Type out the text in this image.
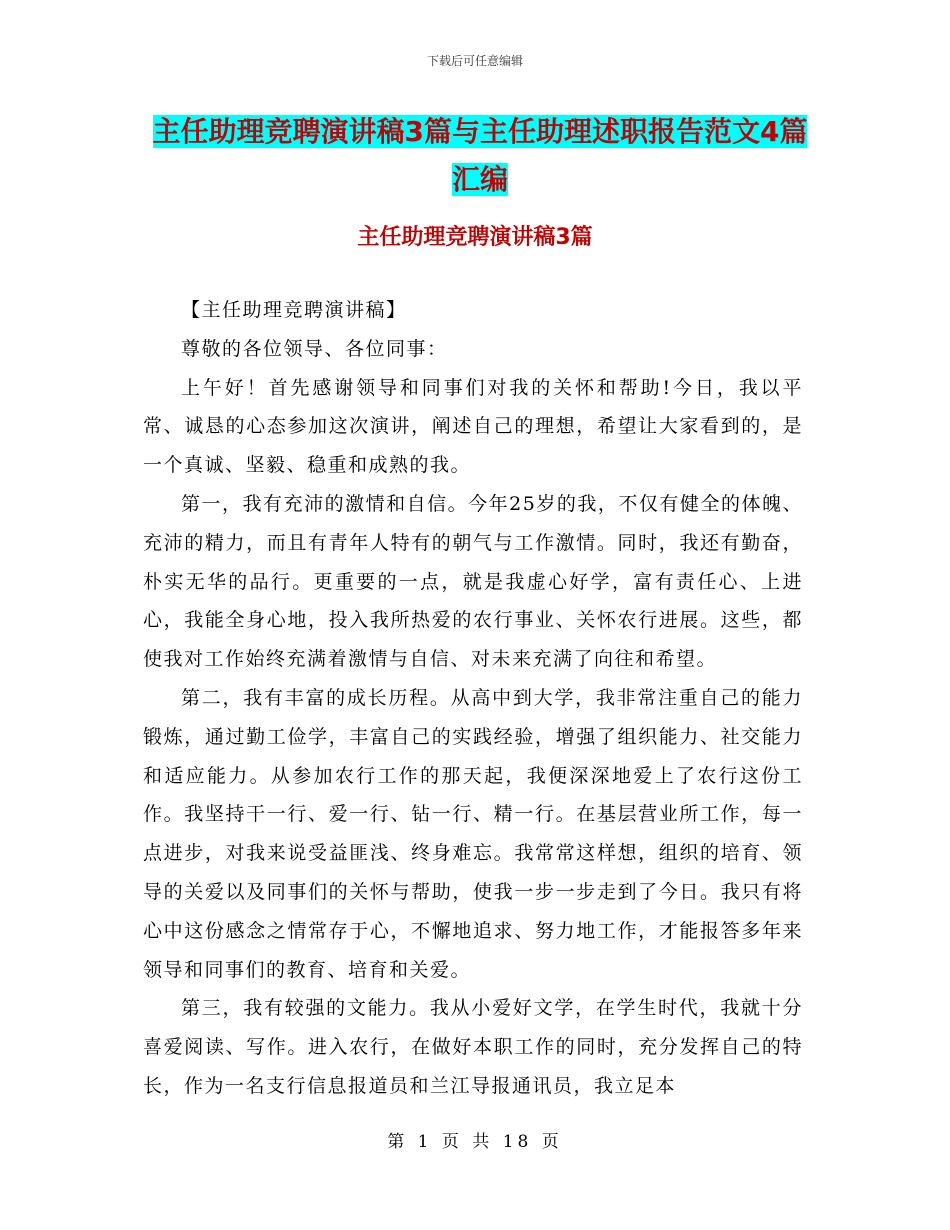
下载后可任意编辑
主任助理竞聘演讲稿3篇与主任助理述职报告范文4篇汇编
主任助理竞聘演讲稿3篇

【主任助理竞聘演讲稿】

尊敬的各位领导、各位同事：

上午好！首先感谢领导和同事们对我的关怀和帮助!今日，我以平常、诚恳的心态参加这次演讲，阐述自己的理想，希望让大家看到的，是一个真诚、坚毅、稳重和成熟的我。

第一，我有充沛的激情和自信。今年25岁的我，不仅有健全的体魄、充沛的精力，而且有青年人特有的朝气与工作激情。同时，我还有勤奋，朴实无华的品行。更重要的一点，就是我虚心好学，富有责任心、上进心，我能全身心地，投入我所热爱的农行事业、关怀农行进展。这些，都使我对工作始终充满着激情与自信、对未来充满了向往和希望。

第二，我有丰富的成长历程。从高中到大学，我非常注重自己的能力锻炼，通过勤工俭学，丰富自己的实践经验，增强了组织能力、社交能力和适应能力。从参加农行工作的那天起，我便深深地爱上了农行这份工作。我坚持干一行、爱一行、钻一行、精一行。在基层营业所工作，每一点进步，对我来说受益匪浅、终身难忘。我常常这样想，组织的培育、领导的关爱以及同事们的关怀与帮助，使我一步一步走到了今日。我只有将心中这份感念之情常存于心，不懈地追求、努力地工作，才能报答多年来领导和同事们的教育、培育和关爱。

第三，我有较强的文能力。我从小爱好文学，在学生时代，我就十分喜爱阅读、写作。进入农行，在做好本职工作的同时，充分发挥自己的特长，作为一名支行信息报道员和兰江导报通讯员，我立足本

第 1 页 共 18 页
